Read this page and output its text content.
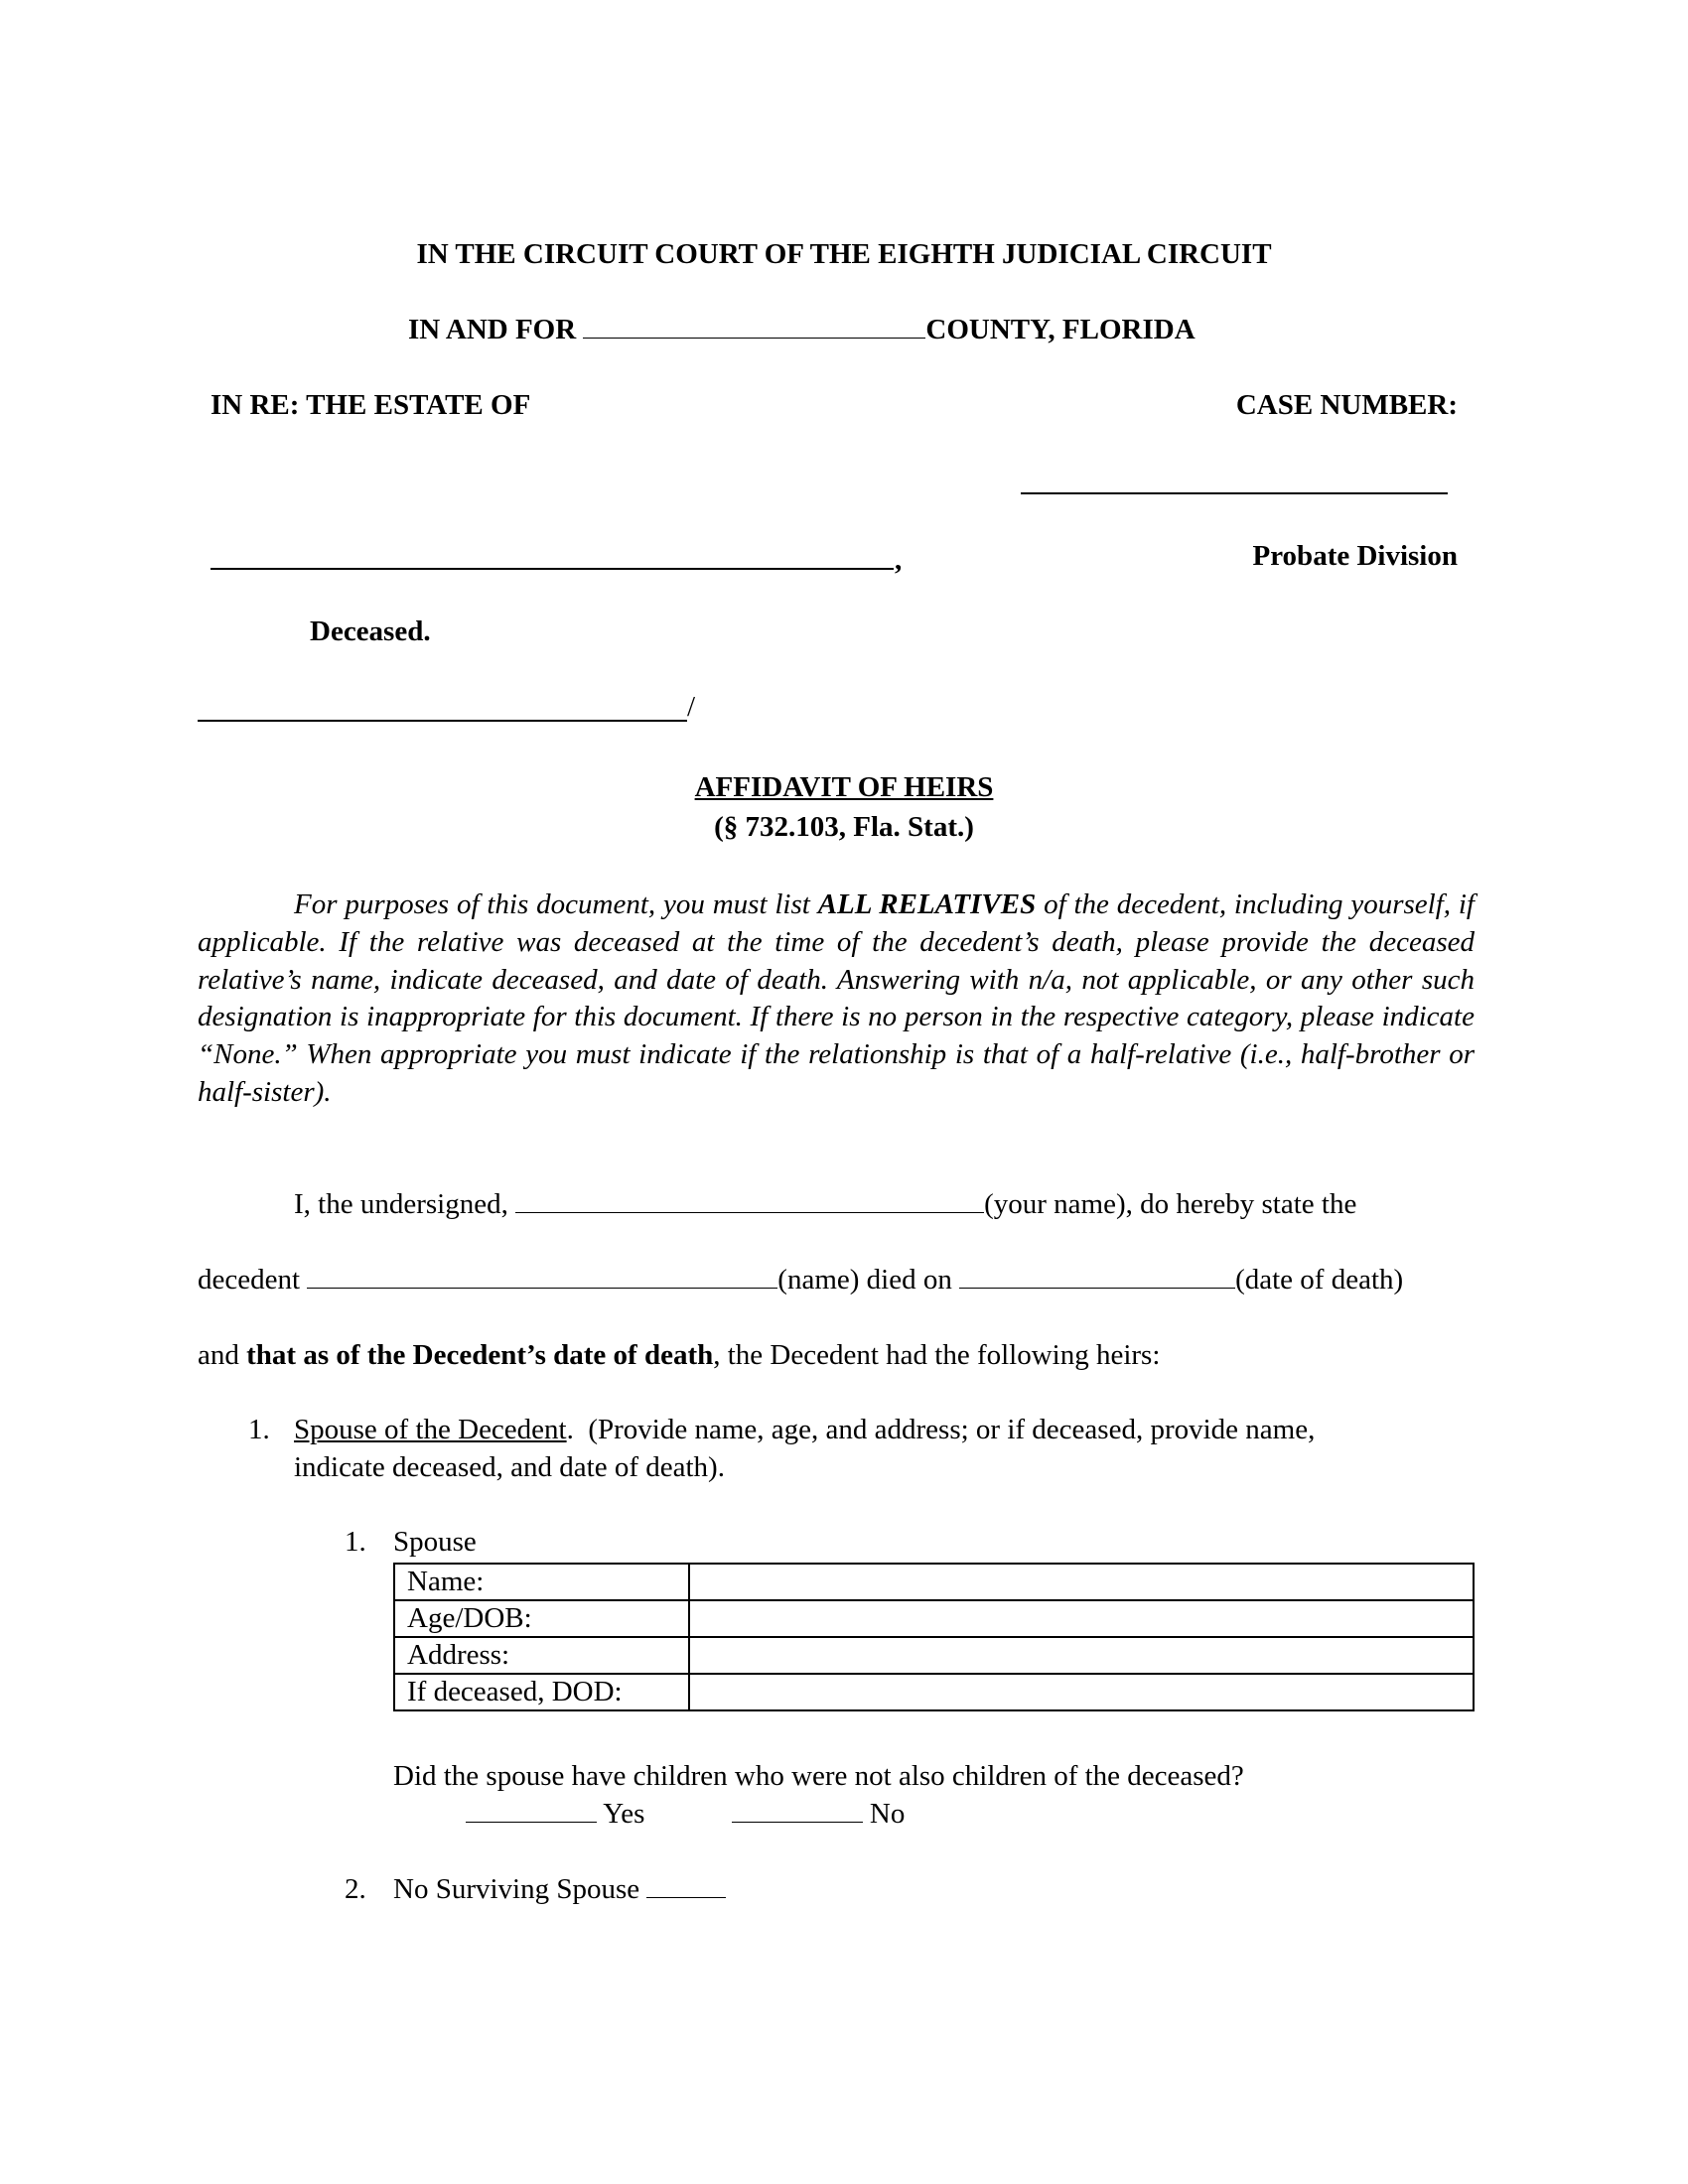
IN THE CIRCUIT COURT OF THE EIGHTH JUDICIAL CIRCUIT
IN AND FOR	COUNTY, FLORIDA
IN RE: THE ESTATE OF	CASE NUMBER:
,	Probate Division
Deceased.
/
AFFIDAVIT OF HEIRS
(§ 732.103, Fla. Stat.)
For purposes of this document, you must list ALL RELATIVES of the decedent, including yourself, if applicable. If the relative was deceased at the time of the decedent’s death, please provide the deceased relative’s name, indicate deceased, and date of death. Answering with n/a, not applicable, or any other such designation is inappropriate for this document. If there is no person in the respective category, please indicate “None.” When appropriate you must indicate if the relationship is that of a half-relative (i.e., half-brother or half-sister).
I, the undersigned,	(your name), do hereby state the
decedent	(name) died on	(date of death)
and that as of the Decedent’s date of death, the Decedent had the following heirs:
1. Spouse of the Decedent.  (Provide name, age, and address; or if deceased, provide name,
indicate deceased, and date of death).
1. Spouse
Name:	
Age/DOB:	
Address:	
If deceased, DOD:	
Did the spouse have children who were not also children of the deceased?
Yes	No
2. No Surviving Spouse
